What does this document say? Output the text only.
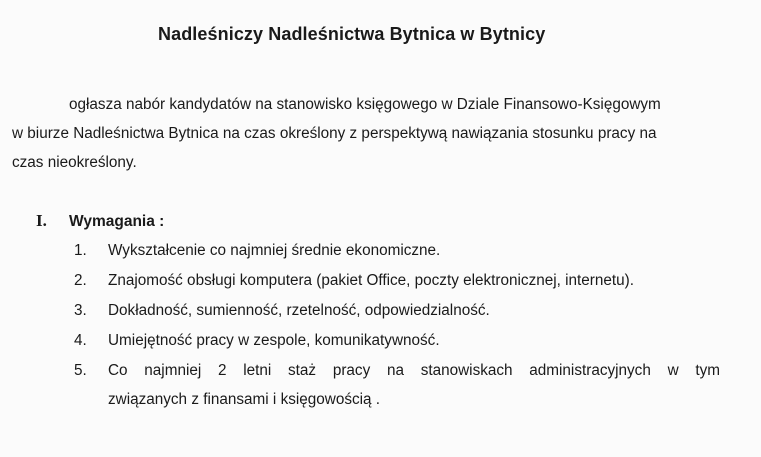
Nadleśniczy Nadleśnictwa Bytnica w Bytnicy
ogłasza nabór kandydatów na stanowisko księgowego w Dziale Finansowo-Księgowym
w biurze Nadleśnictwa Bytnica na czas określony z perspektywą nawiązania stosunku pracy na
czas nieokreślony.
I. Wymagania :
1. Wykształcenie co najmniej średnie ekonomiczne.
2. Znajomość obsługi komputera (pakiet Office, poczty elektronicznej, internetu).
3. Dokładność, sumienność, rzetelność, odpowiedzialność.
4. Umiejętność pracy w zespole, komunikatywność.
5. Co najmniej 2 letni staż pracy na stanowiskach administracyjnych w tym
związanych z finansami i księgowością .
